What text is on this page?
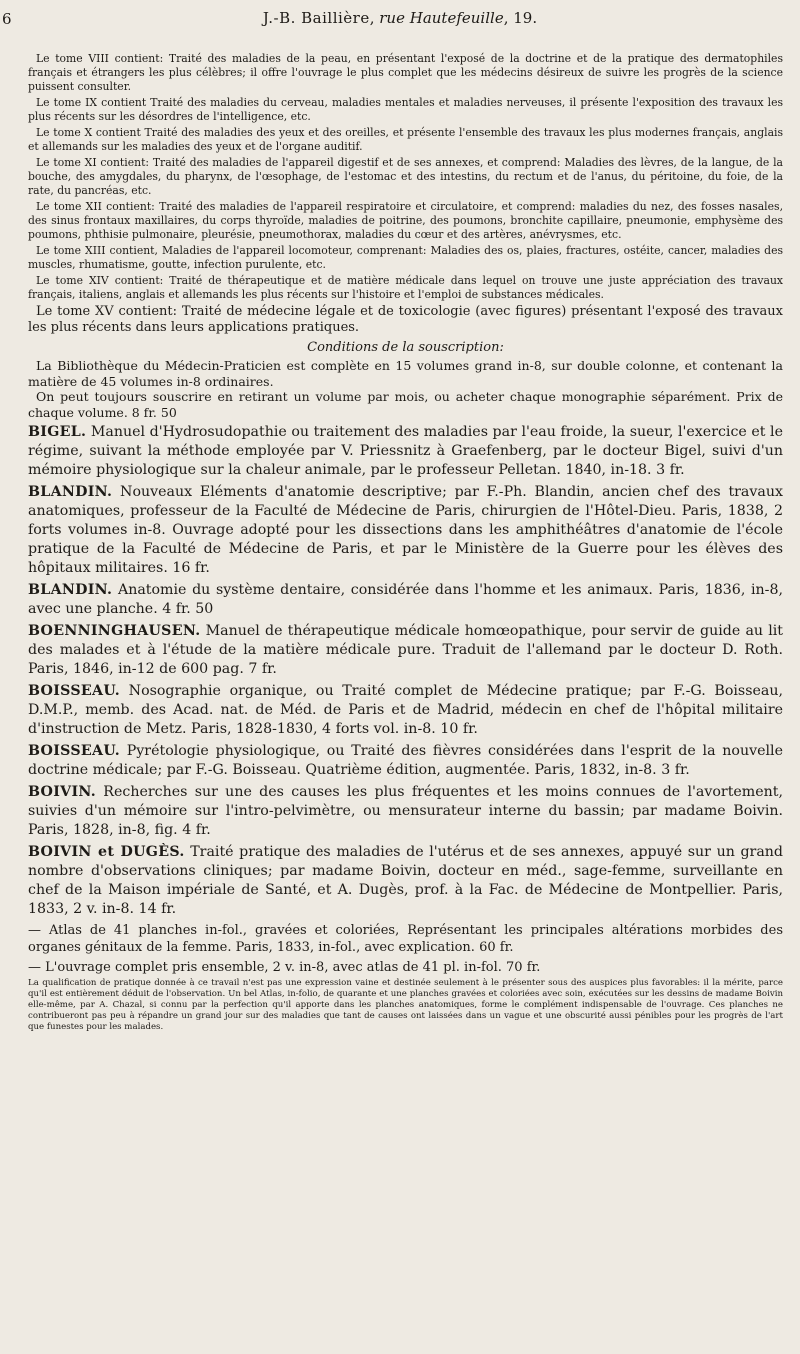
6	J.-B. Baillière, rue Hautefeuille, 19.

Le tome VIII contient: Traité des maladies de la peau, en présentant l'exposé de la doctrine et de la pratique des dermatophiles français et étrangers les plus célèbres; il offre l'ouvrage le plus complet que les médecins désireux de suivre les progrès de la science puissent consulter.

Le tome IX contient Traité des maladies du cerveau, maladies mentales et maladies nerveuses, il présente l'exposition des travaux les plus récents sur les désordres de l'intelligence, etc.

Le tome X contient Traité des maladies des yeux et des oreilles, et présente l'ensemble des travaux les plus modernes français, anglais et allemands sur les maladies des yeux et de l'organe auditif.

Le tome XI contient: Traité des maladies de l'appareil digestif et de ses annexes, et comprend: Maladies des lèvres, de la langue, de la bouche, des amygdales, du pharynx, de l'œsophage, de l'estomac et des intestins, du rectum et de l'anus, du péritoine, du foie, de la rate, du pancréas, etc.

Le tome XII contient: Traité des maladies de l'appareil respiratoire et circulatoire, et comprend: maladies du nez, des fosses nasales, des sinus frontaux maxillaires, du corps thyroïde, maladies de poitrine, des poumons, bronchite capillaire, pneumonie, emphysème des poumons, phthisie pulmonaire, pleurésie, pneumothorax, maladies du cœur et des artères, anévrysmes, etc.

Le tome XIII contient, Maladies de l'appareil locomoteur, comprenant: Maladies des os, plaies, fractures, ostéite, cancer, maladies des muscles, rhumatisme, goutte, infection purulente, etc.

Le tome XIV contient: Traité de thérapeutique et de matière médicale dans lequel on trouve une juste appréciation des travaux français, italiens, anglais et allemands les plus récents sur l'histoire et l'emploi de substances médicales.

Le tome XV contient: Traité de médecine légale et de toxicologie (avec figures) présentant l'exposé des travaux les plus récents dans leurs applications pratiques.

Conditions de la souscription:

La Bibliothèque du Médecin-Praticien est complète en 15 volumes grand in-8, sur double colonne, et contenant la matière de 45 volumes in-8 ordinaires.

On peut toujours souscrire en retirant un volume par mois, ou acheter chaque monographie séparément. Prix de chaque volume. 8 fr. 50

BIGEL. Manuel d'Hydrosudopathie ou traitement des maladies par l'eau froide, la sueur, l'exercice et le régime, suivant la méthode employée par V. Priessnitz à Graefenberg, par le docteur Bigel, suivi d'un mémoire physiologique sur la chaleur animale, par le professeur Pelletan. 1840, in-18. 3 fr.

BLANDIN. Nouveaux Eléments d'anatomie descriptive; par F.-Ph. Blandin, ancien chef des travaux anatomiques, professeur de la Faculté de Médecine de Paris, chirurgien de l'Hôtel-Dieu. Paris, 1838, 2 forts volumes in-8. Ouvrage adopté pour les dissections dans les amphithéâtres d'anatomie de l'école pratique de la Faculté de Médecine de Paris, et par le Ministère de la Guerre pour les élèves des hôpitaux militaires. 16 fr.

BLANDIN. Anatomie du système dentaire, considérée dans l'homme et les animaux. Paris, 1836, in-8, avec une planche. 4 fr. 50

BOENNINGHAUSEN. Manuel de thérapeutique médicale homœopathique, pour servir de guide au lit des malades et à l'étude de la matière médicale pure. Traduit de l'allemand par le docteur D. Roth. Paris, 1846, in-12 de 600 pag. 7 fr.

BOISSEAU. Nosographie organique, ou Traité complet de Médecine pratique; par F.-G. Boisseau, D.M.P., memb. des Acad. nat. de Méd. de Paris et de Madrid, médecin en chef de l'hôpital militaire d'instruction de Metz. Paris, 1828-1830, 4 forts vol. in-8. 10 fr.

BOISSEAU. Pyrétologie physiologique, ou Traité des fièvres considérées dans l'esprit de la nouvelle doctrine médicale; par F.-G. Boisseau. Quatrième édition, augmentée. Paris, 1832, in-8. 3 fr.

BOIVIN. Recherches sur une des causes les plus fréquentes et les moins connues de l'avortement, suivies d'un mémoire sur l'intro-pelvimètre, ou mensurateur interne du bassin; par madame Boivin. Paris, 1828, in-8, fig. 4 fr.

BOIVIN et DUGÈS. Traité pratique des maladies de l'utérus et de ses annexes, appuyé sur un grand nombre d'observations cliniques; par madame Boivin, docteur en méd., sage-femme, surveillante en chef de la Maison impériale de Santé, et A. Dugès, prof. à la Fac. de Médecine de Montpellier. Paris, 1833, 2 v. in-8. 14 fr.

— Atlas de 41 planches in-fol., gravées et coloriées, Représentant les principales altérations morbides des organes génitaux de la femme. Paris, 1833, in-fol., avec explication. 60 fr.

— L'ouvrage complet pris ensemble, 2 v. in-8, avec atlas de 41 pl. in-fol. 70 fr.

La qualification de pratique donnée à ce travail n'est pas une expression vaine et destinée seulement à le présenter sous des auspices plus favorables: il la mérite, parce qu'il est entièrement déduit de l'observation. Un bel Atlas, in-folio, de quarante et une planches gravées et coloriées avec soin, exécutées sur les dessins de madame Boivin elle-même, par A. Chazal, si connu par la perfection qu'il apporte dans les planches anatomiques, forme le complément indispensable de l'ouvrage. Ces planches ne contribueront pas peu à répandre un grand jour sur des maladies que tant de causes ont laissées dans un vague et une obscurité aussi pénibles pour les progrès de l'art que funestes pour les malades.
